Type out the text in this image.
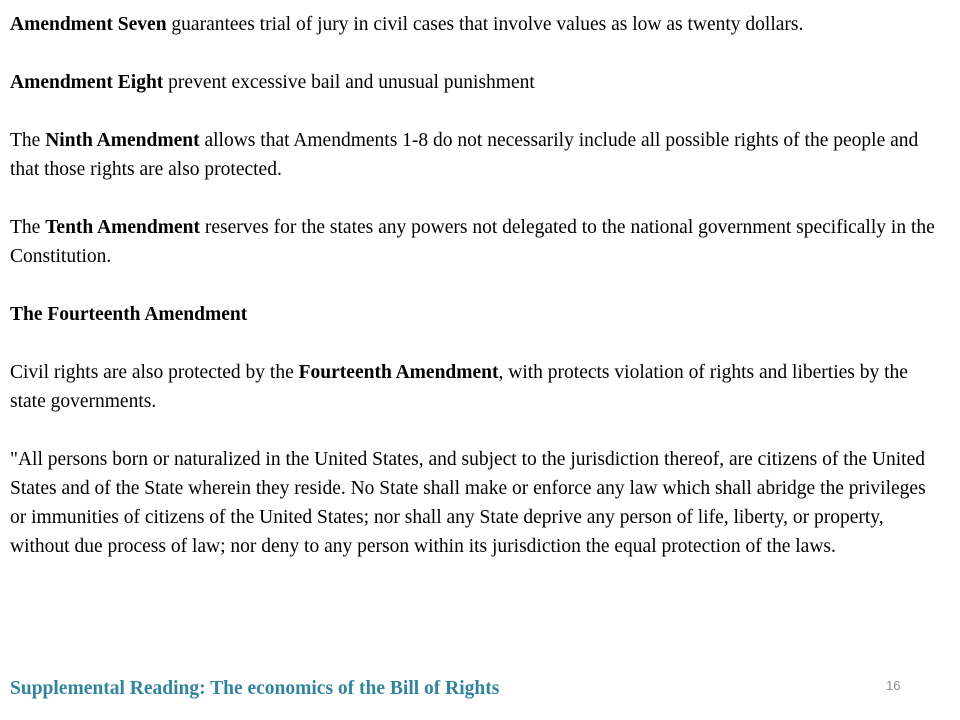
Amendment Seven guarantees trial of jury in civil cases that involve values as low as twenty dollars.

Amendment Eight prevent excessive bail and unusual punishment

The Ninth Amendment allows that Amendments 1-8 do not necessarily include all possible rights of the people and that those rights are also protected.

The Tenth Amendment reserves for the states any powers not delegated to the national government specifically in the Constitution.

The Fourteenth Amendment

Civil rights are also protected by the Fourteenth Amendment, with protects violation of rights and liberties by the state governments.

"All persons born or naturalized in the United States, and subject to the jurisdiction thereof, are citizens of the United States and of the State wherein they reside. No State shall make or enforce any law which shall abridge the privileges or immunities of citizens of the United States; nor shall any State deprive any person of life, liberty, or property, without due process of law; nor deny to any person within its jurisdiction the equal protection of the laws.

Supplemental Reading: The economics of the Bill of Rights	16
